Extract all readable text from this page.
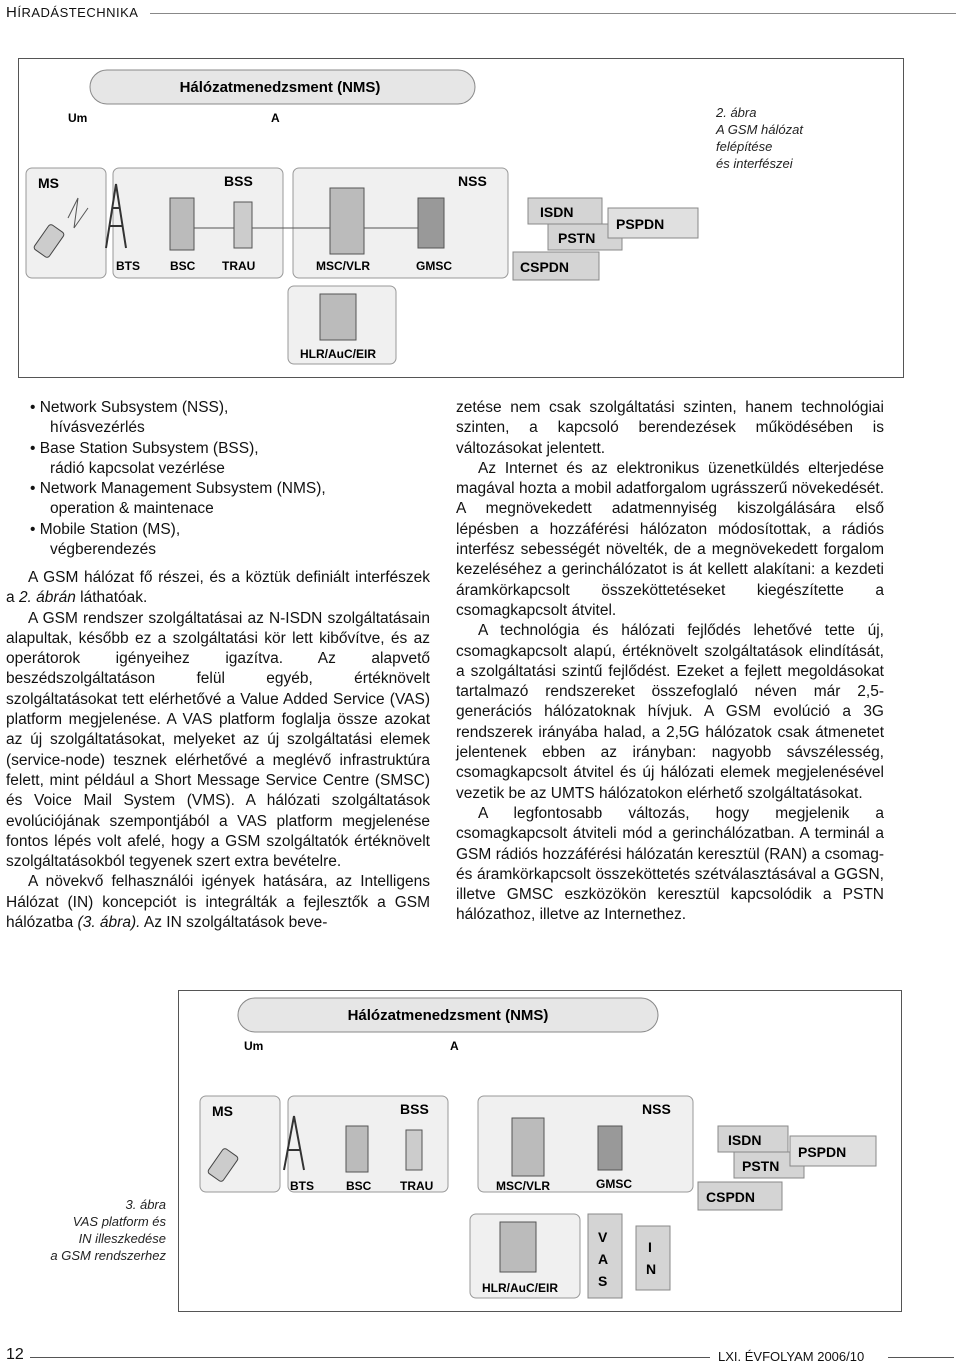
HÍRADÁSTECHNIKA
2. ábra
A GSM hálózat
felépítése
és interfészei
Hálózatmenedzsment (NMS)
Um	A
MS	BSS	NSS
BTS	BSC TRAU	MSC/VLR	GMSC
ISDN
PSTN
PSPDN
CSPDN
HLR/AuC/EIR
• Network Subsystem (NSS),
hívásvezérlés
• Base Station Subsystem (BSS),
rádió kapcsolat vezérlése
• Network Management Subsystem (NMS),
operation & maintenace
• Mobile Station (MS),
végberendezés

A GSM hálózat fő részei, és a köztük definiált interfészek a 2. ábrán láthatóak.

A GSM rendszer szolgáltatásai az N-ISDN szolgáltatásain alapultak, később ez a szolgáltatási kör lett kibővítve, és az operátorok igényeihez igazítva. Az alapvető beszédszolgáltatáson felül egyéb, értéknövelt szolgáltatásokat tett elérhetővé a Value Added Service (VAS) platform megjelenése. A VAS platform foglalja össze azokat az új szolgáltatásokat, melyeket az új szolgáltatási elemek (service-node) tesznek elérhetővé a meglévő infrastruktúra felett, mint például a Short Message Service Centre (SMSC) és Voice Mail System (VMS). A hálózati szolgáltatások evolúciójának szempontjából a VAS platform megjelenése fontos lépés volt afelé, hogy a GSM szolgáltatók értéknövelt szolgáltatásokból tegyenek szert extra bevételre.

A növekvő felhasználói igények hatására, az Intelligens Hálózat (IN) koncepciót is integrálták a fejlesztők a GSM hálózatba (3. ábra). Az IN szolgáltatások beve-

zetése nem csak szolgáltatási szinten, hanem technológiai szinten, a kapcsoló berendezések működésében is változásokat jelentett.

Az Internet és az elektronikus üzenetküldés elterjedése magával hozta a mobil adatforgalom ugrásszerű növekedését. A megnövekedett adatmennyiség kiszolgálására első lépésben a hozzáférési hálózaton módosítottak, a rádiós interfész sebességét növelték, de a megnövekedett forgalom kezeléséhez a gerinchálózatot is át kellett alakítani: a kezdeti áramkörkapcsolt összeköttetéseket kiegészítette a csomagkapcsolt átvitel.

A technológia és hálózati fejlődés lehetővé tette új, csomagkapcsolt alapú, értéknövelt szolgáltatások elindítását, a szolgáltatási szintű fejlődést. Ezeket a fejlett megoldásokat tartalmazó rendszereket összefoglaló néven már 2,5-generációs hálózatoknak hívjuk. A GSM evolúció a 3G rendszerek irányába halad, a 2,5G hálózatok csak átmenetet jelentenek ebben az irányban: nagyobb sávszélesség, csomagkapcsolt átvitel és új hálózati elemek megjelenésével vezetik be az UMTS hálózatokon elérhető szolgáltatásokat.

A legfontosabb változás, hogy megjelenik a csomagkapcsolt átviteli mód a gerinchálózatban. A terminál a GSM rádiós hozzáférési hálózatán keresztül (RAN) a csomag- és áramkörkapcsolt összeköttetés szétválasztásával a GGSN, illetve GMSC eszközökön keresztül kapcsolódik a PSTN hálózathoz, illetve az Internethez.

3. ábra
VAS platform és
IN illeszkedése
a GSM rendszerhez
Hálózatmenedzsment (NMS)
Um	A
MS	BSS	NSS
BTS	BSC TRAU	MSC/VLR	GMSC
ISDN
PSTN
PSPDN
CSPDN
HLR/AuC/EIR
V
A
S
I
N
12	LXI. ÉVFOLYAM 2006/10
